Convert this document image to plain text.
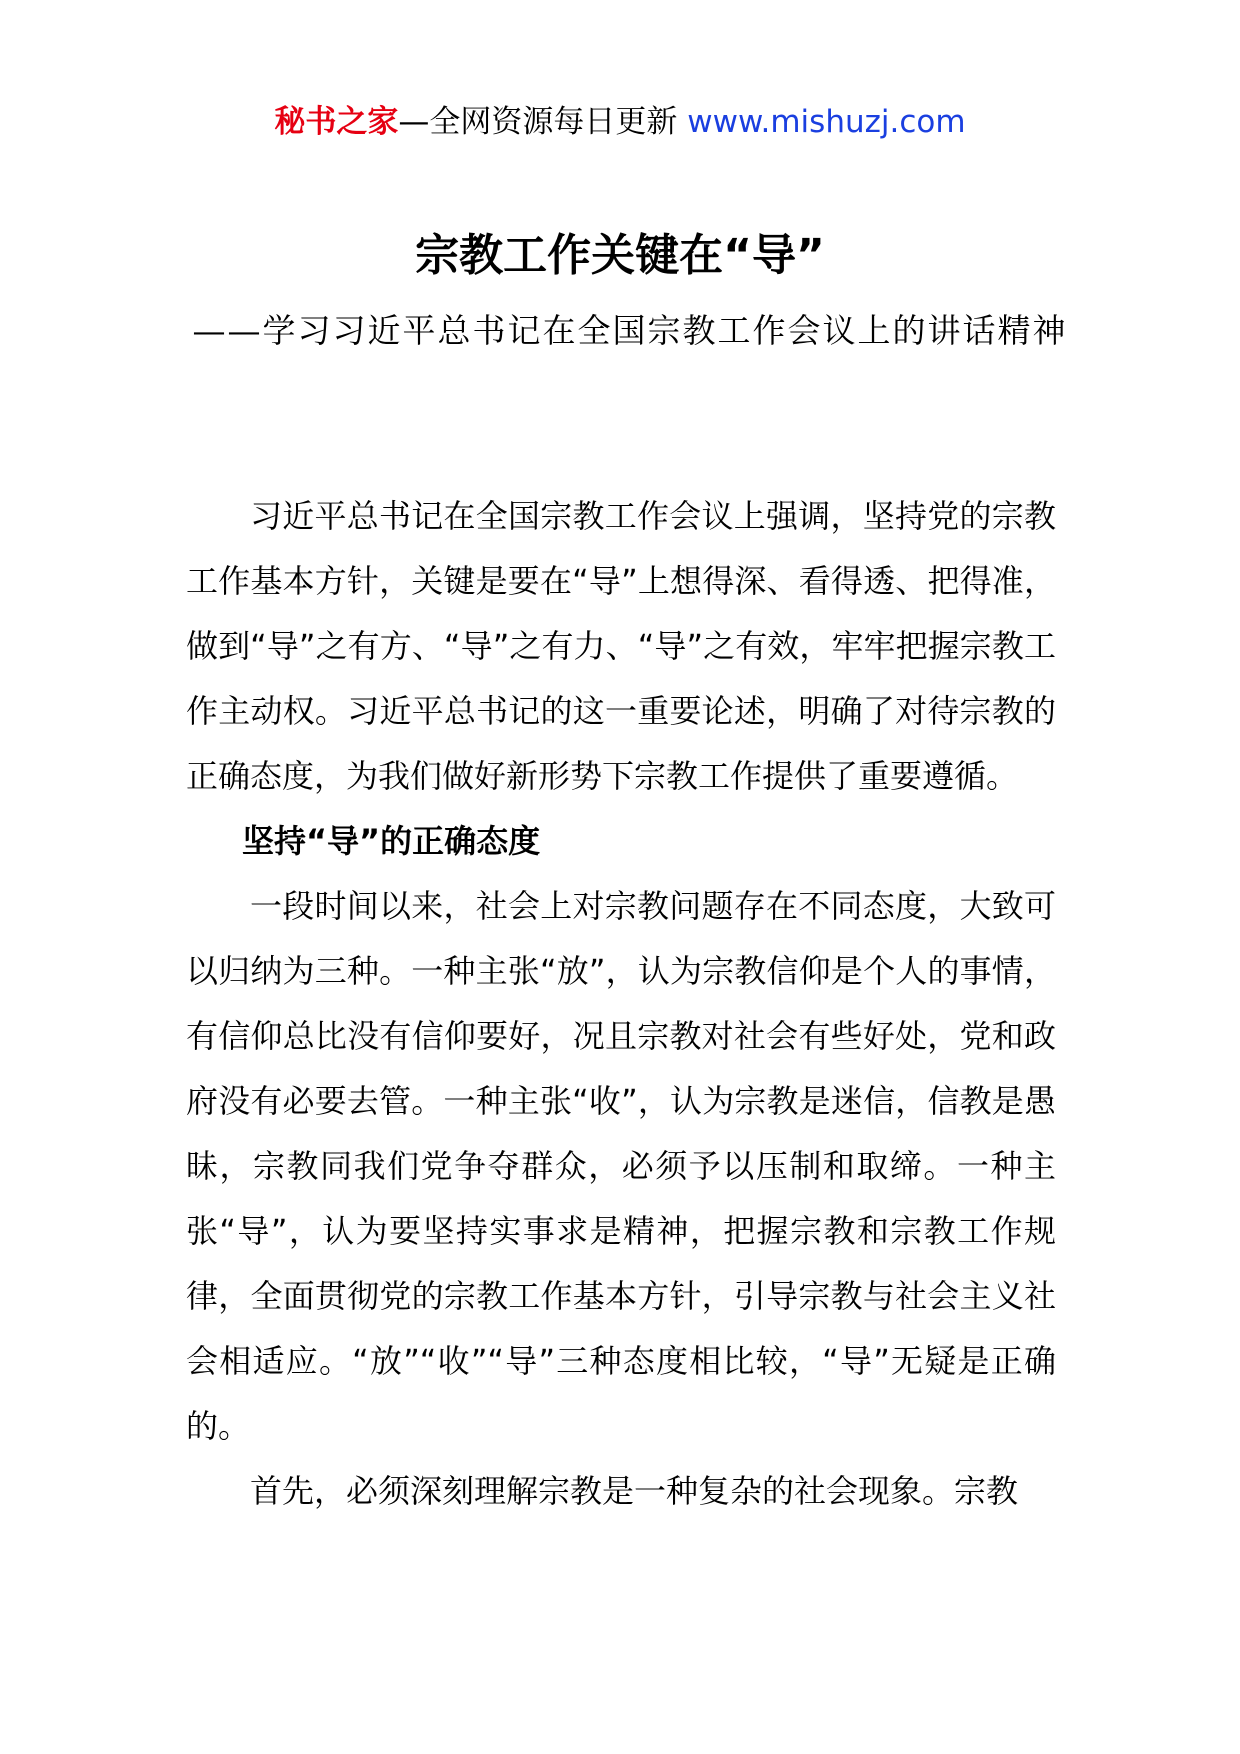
秘书之家—全网资源每日更新 www.mishuzj.com
宗教工作关键在“导”
——学习习近平总书记在全国宗教工作会议上的讲话精神

习近平总书记在全国宗教工作会议上强调，坚持党的宗教工作基本方针，关键是要在“导”上想得深、看得透、把得准，做到“导”之有方、“导”之有力、“导”之有效，牢牢把握宗教工作主动权。习近平总书记的这一重要论述，明确了对待宗教的正确态度，为我们做好新形势下宗教工作提供了重要遵循。

坚持“导”的正确态度

一段时间以来，社会上对宗教问题存在不同态度，大致可以归纳为三种。一种主张“放”，认为宗教信仰是个人的事情，有信仰总比没有信仰要好，况且宗教对社会有些好处，党和政府没有必要去管。一种主张“收”，认为宗教是迷信，信教是愚昧，宗教同我们党争夺群众，必须予以压制和取缔。一种主张“导”，认为要坚持实事求是精神，把握宗教和宗教工作规律，全面贯彻党的宗教工作基本方针，引导宗教与社会主义社会相适应。“放”“收”“导”三种态度相比较，“导”无疑是正确的。

首先，必须深刻理解宗教是一种复杂的社会现象。宗教
